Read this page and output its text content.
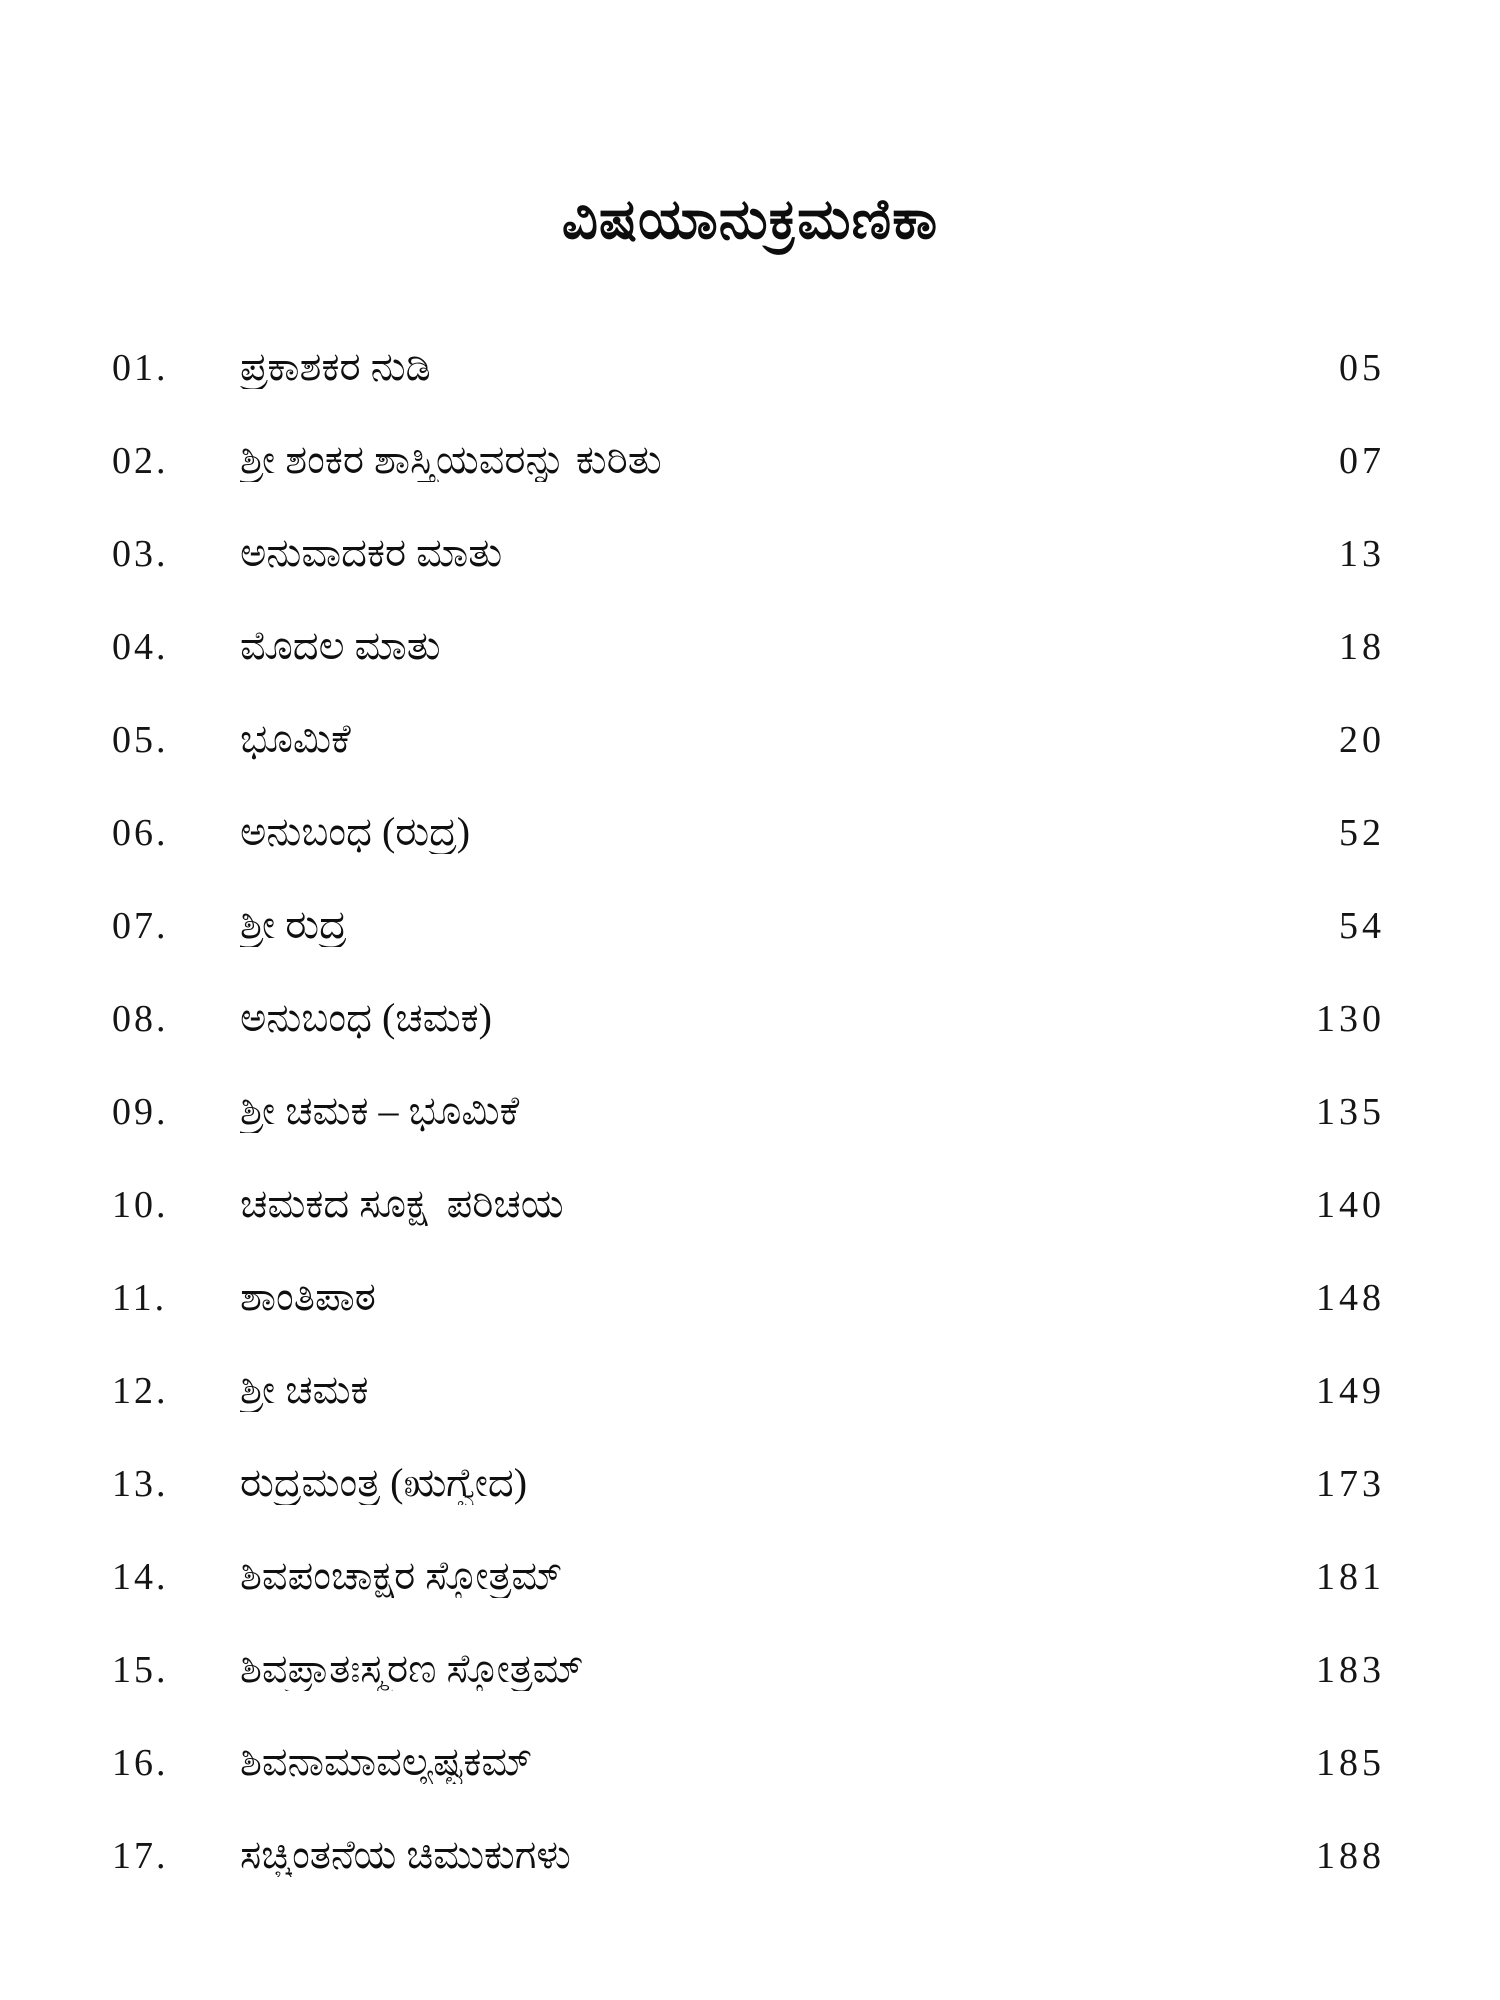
ವಿಷಯಾನುಕ್ರಮಣಿಕಾ
01.	ಪ್ರಕಾಶಕರ ನುಡಿ	05
02.	ಶ್ರೀ ಶಂಕರ ಶಾಸ್ತ್ರಿಯವರನ್ನು ಕುರಿತು	07
03.	ಅನುವಾದಕರ ಮಾತು	13
04.	ಮೊದಲ ಮಾತು	18
05.	ಭೂಮಿಕೆ	20
06.	ಅನುಬಂಧ (ರುದ್ರ)	52
07.	ಶ್ರೀ ರುದ್ರ	54
08.	ಅನುಬಂಧ (ಚಮಕ)	130
09.	ಶ್ರೀ ಚಮಕ – ಭೂಮಿಕೆ	135
10.	ಚಮಕದ ಸೂಕ್ಷ್ಮ ಪರಿಚಯ	140
11.	ಶಾಂತಿಪಾಠ	148
12.	ಶ್ರೀ ಚಮಕ	149
13.	ರುದ್ರಮಂತ್ರ (ಋಗ್ವೇದ)	173
14.	ಶಿವಪಂಚಾಕ್ಷರ ಸ್ತೋತ್ರಮ್	181
15.	ಶಿವಪ್ರಾತಃಸ್ಮರಣ ಸ್ತೋತ್ರಮ್	183
16.	ಶಿವನಾಮಾವಲ್ಯಷ್ಟಕಮ್	185
17.	ಸಚ್ಚಿಂತನೆಯ ಚಿಮುಕುಗಳು	188
